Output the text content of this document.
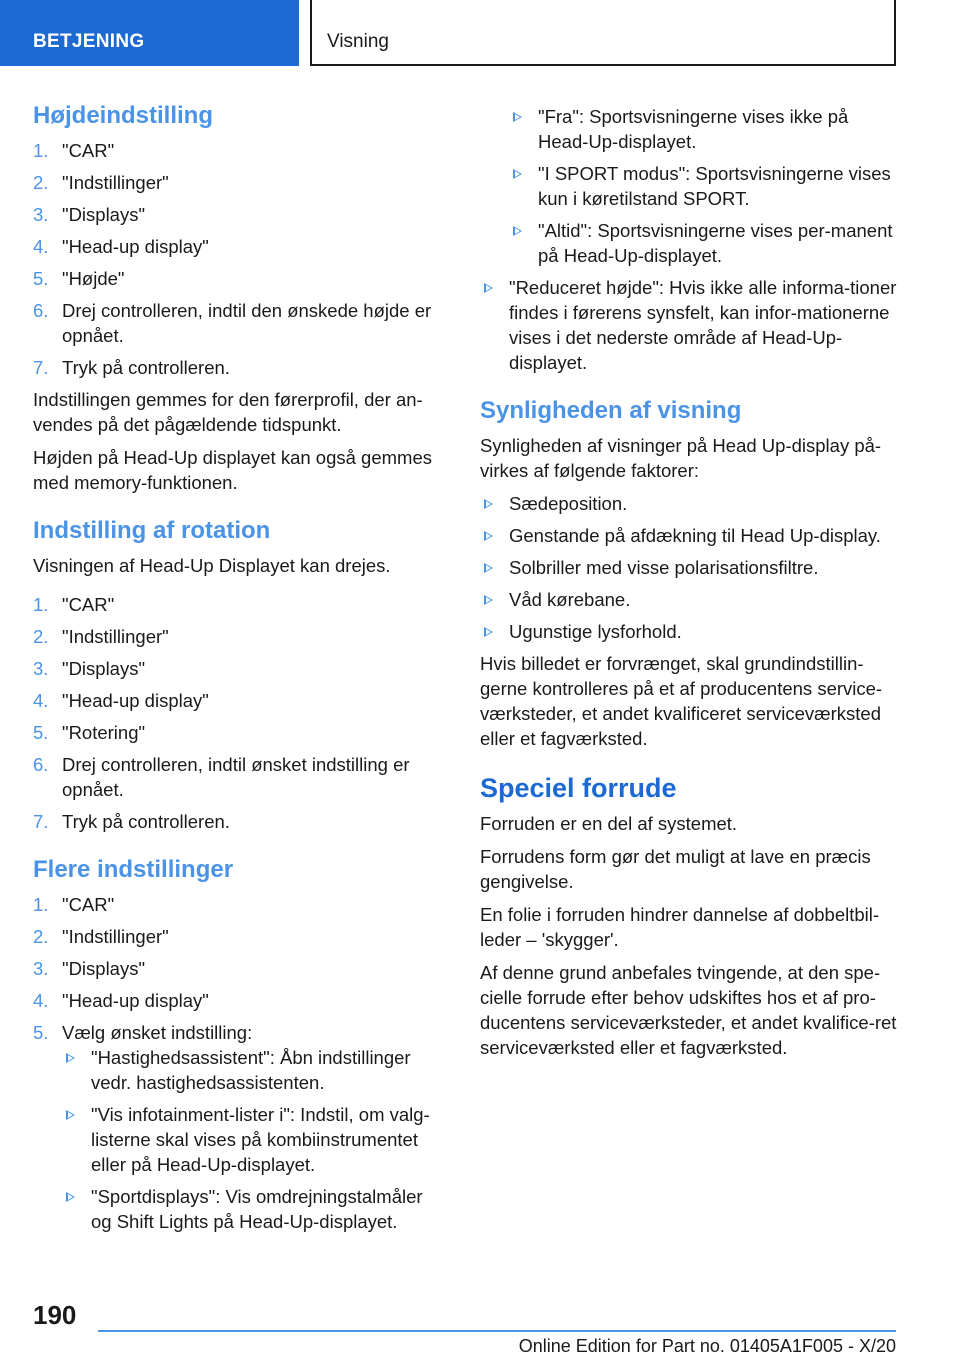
BETJENING	Visning
Højdeindstilling
1. "CAR"
2. "Indstillinger"
3. "Displays"
4. "Head-up display"
5. "Højde"
6. Drej controlleren, indtil den ønskede højde er opnået.
7. Tryk på controlleren.

Indstillingen gemmes for den førerprofil, der an-vendes på det pågældende tidspunkt.

Højden på Head-Up displayet kan også gemmes med memory-funktionen.

Indstilling af rotation

Visningen af Head-Up Displayet kan drejes.

1. "CAR"
2. "Indstillinger"
3. "Displays"
4. "Head-up display"
5. "Rotering"
6. Drej controlleren, indtil ønsket indstilling er opnået.
7. Tryk på controlleren.
Flere indstillinger
1. "CAR"
2. "Indstillinger"
3. "Displays"
4. "Head-up display"
5. Vælg ønsket indstilling:
"Hastighedsassistent": Åbn indstillinger vedr. hastighedsassistenten.
"Vis infotainment-lister i": Indstil, om valg-listerne skal vises på kombiinstrumentet eller på Head-Up-displayet.
"Sportdisplays": Vis omdrejningstalmåler og Shift Lights på Head-Up-displayet.
"Fra": Sportsvisningerne vises ikke på Head-Up-displayet.
"I SPORT modus": Sportsvisningerne vises kun i køretilstand SPORT.
"Altid": Sportsvisningerne vises per-manent på Head-Up-displayet.
"Reduceret højde": Hvis ikke alle informa-tioner findes i førerens synsfelt, kan infor-mationerne vises i det nederste område af Head-Up-displayet.
Synligheden af visning

Synligheden af visninger på Head Up-display på-virkes af følgende faktorer:

Sædeposition.
Genstande på afdækning til Head Up-display.
Solbriller med visse polarisationsfiltre.
Våd kørebane.
Ugunstige lysforhold.

Hvis billedet er forvrænget, skal grundindstillin-gerne kontrolleres på et af producentens service-værksteder, et andet kvalificeret serviceværksted eller et fagværksted.

Speciel forrude

Forruden er en del af systemet.

Forrudens form gør det muligt at lave en præcis gengivelse.

En folie i forruden hindrer dannelse af dobbeltbil-leder – 'skygger'.

Af denne grund anbefales tvingende, at den spe-cielle forrude efter behov udskiftes hos et af pro-ducentens serviceværksteder, et andet kvalifice-ret serviceværksted eller et fagværksted.

190
Online Edition for Part no. 01405A1F005 - X/20
